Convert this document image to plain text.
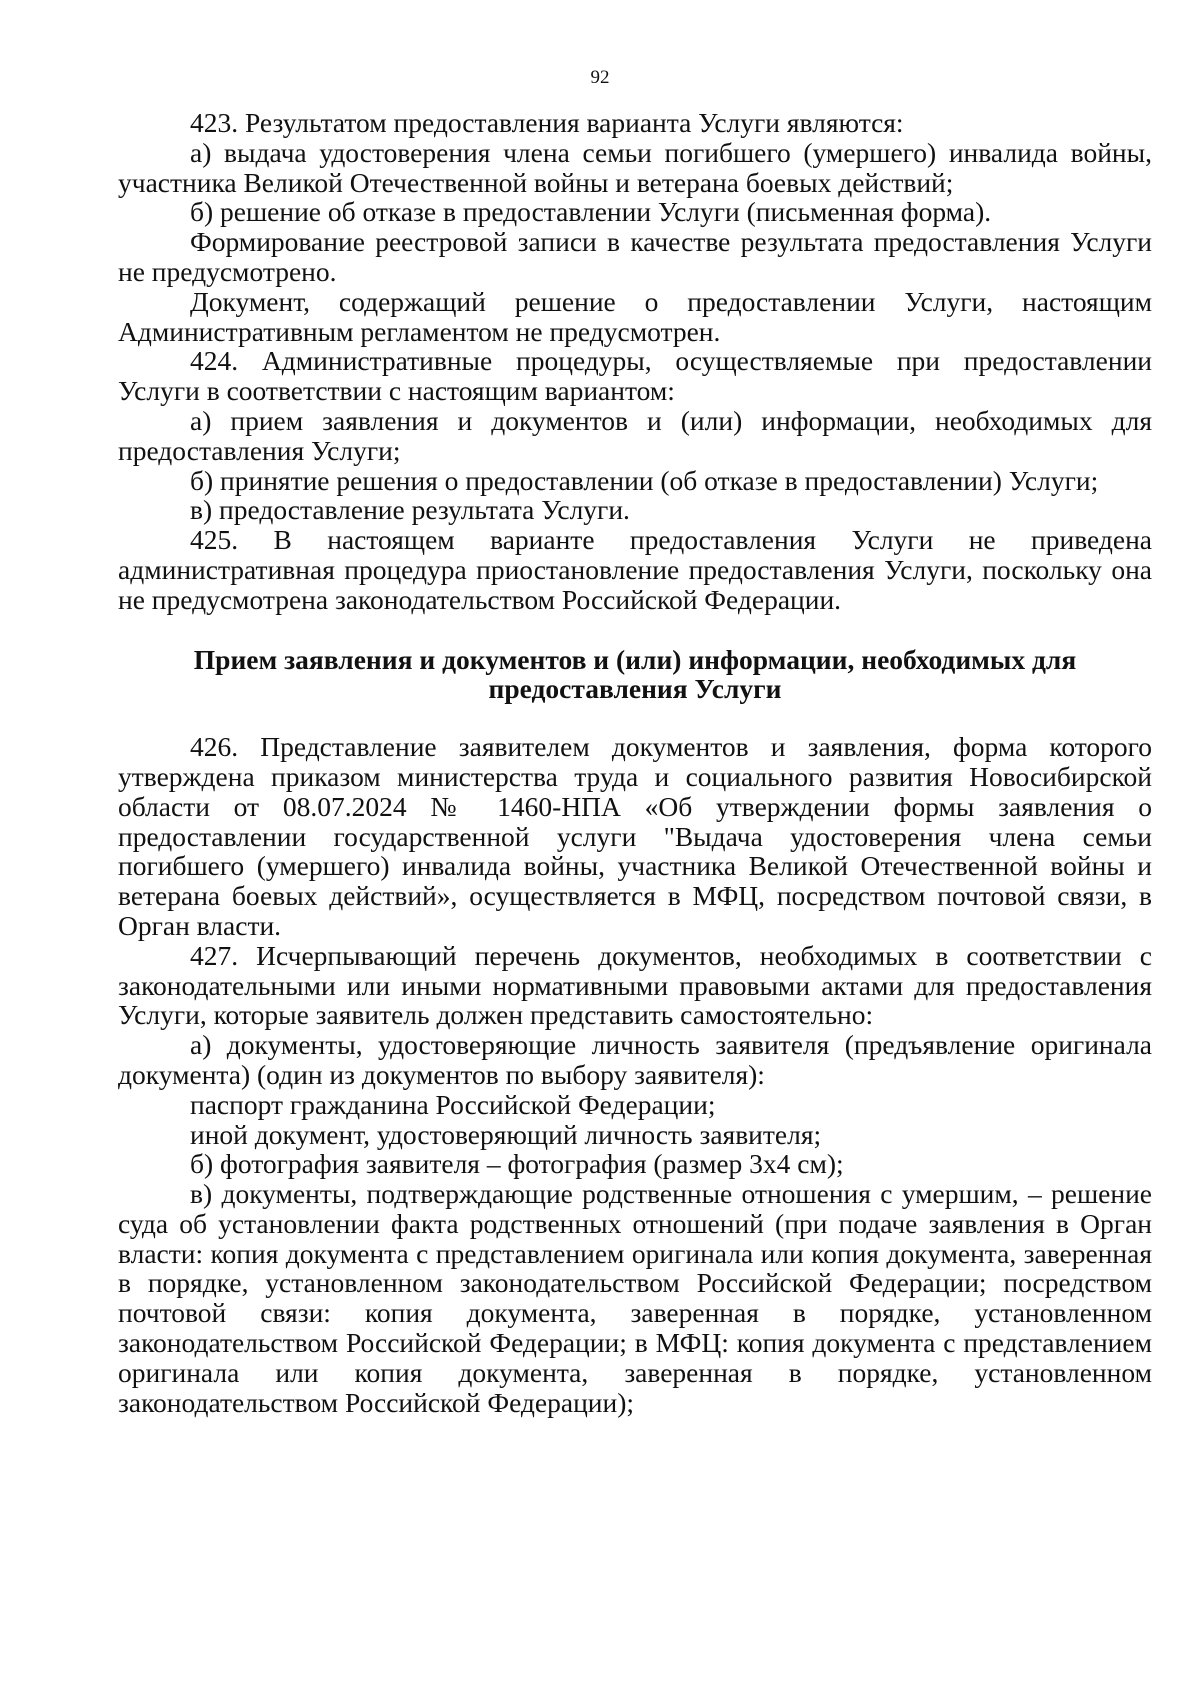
92

423. Результатом предоставления варианта Услуги являются:

а) выдача удостоверения члена семьи погибшего (умершего) инвалида войны, участника Великой Отечественной войны и ветерана боевых действий;

б) решение об отказе в предоставлении Услуги (письменная форма).

Формирование реестровой записи в качестве результата предоставления Услуги не предусмотрено.

Документ, содержащий решение о предоставлении Услуги, настоящим Административным регламентом не предусмотрен.

424. Административные процедуры, осуществляемые при предоставлении Услуги в соответствии с настоящим вариантом:

а) прием заявления и документов и (или) информации, необходимых для предоставления Услуги;

б) принятие решения о предоставлении (об отказе в предоставлении) Услуги;

в) предоставление результата Услуги.

425. В настоящем варианте предоставления Услуги не приведена административная процедура приостановление предоставления Услуги, поскольку она не предусмотрена законодательством Российской Федерации.

Прием заявления и документов и (или) информации, необходимых для предоставления Услуги

426. Представление заявителем документов и заявления, форма которого утверждена приказом министерства труда и социального развития Новосибирской области от 08.07.2024 № 1460-НПА «Об утверждении формы заявления о предоставлении государственной услуги "Выдача удостоверения члена семьи погибшего (умершего) инвалида войны, участника Великой Отечественной войны и ветерана боевых действий», осуществляется в МФЦ, посредством почтовой связи, в Орган власти.

427. Исчерпывающий перечень документов, необходимых в соответствии с законодательными или иными нормативными правовыми актами для предоставления Услуги, которые заявитель должен представить самостоятельно:

а) документы, удостоверяющие личность заявителя (предъявление оригинала документа) (один из документов по выбору заявителя):

паспорт гражданина Российской Федерации;

иной документ, удостоверяющий личность заявителя;

б) фотография заявителя – фотография (размер 3х4 см);

в) документы, подтверждающие родственные отношения с умершим, – решение суда об установлении факта родственных отношений (при подаче заявления в Орган власти: копия документа с представлением оригинала или копия документа, заверенная в порядке, установленном законодательством Российской Федерации; посредством почтовой связи: копия документа, заверенная в порядке, установленном законодательством Российской Федерации; в МФЦ: копия документа с представлением оригинала или копия документа, заверенная в порядке, установленном законодательством Российской Федерации);
